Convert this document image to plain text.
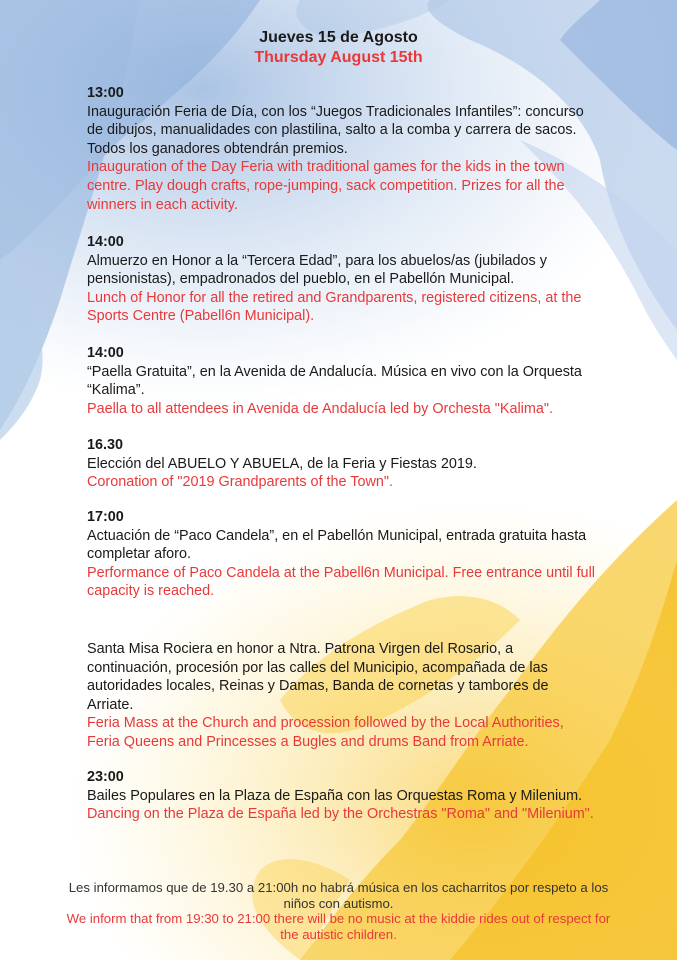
Jueves 15 de Agosto
Thursday August 15th
13:00
Inauguración Feria de Día, con los “Juegos Tradicionales Infantiles”: concurso de dibujos, manualidades con plastilina, salto a la comba y carrera de sacos. Todos los ganadores obtendrán premios.
Inauguration of the Day Feria with traditional games for the kids in the town centre. Play dough crafts, rope-jumping, sack competition. Prizes for all the winners in each activity.
14:00
Almuerzo en Honor a la “Tercera Edad”, para los abuelos/as (jubilados y pensionistas), empadronados del pueblo, en el Pabellón Municipal.
Lunch of Honor for all the retired and Grandparents, registered citizens, at the Sports Centre (Pabell6n Municipal).
14:00
“Paella Gratuita”, en la Avenida de Andalucía. Música en vivo con la Orquesta “Kalima”.
Paella to all attendees in Avenida de Andalucía led by Orchesta "Kalima".
16.30
Elección del ABUELO Y ABUELA, de la Feria y Fiestas 2019.
Coronation of "2019 Grandparents of the Town".
17:00
Actuación de “Paco Candela”, en el Pabellón Municipal, entrada gratuita hasta completar aforo.
Performance of Paco Candela at the Pabell6n Municipal. Free entrance until full capacity is reached.
Santa Misa Rociera en honor a Ntra. Patrona Virgen del Rosario, a continuación, procesión por las calles del Municipio, acompañada de las autoridades locales, Reinas y Damas, Banda de cornetas y tambores de Arriate.
Feria Mass at the Church and procession followed by the Local Authorities, Feria Queens and Princesses a Bugles and drums Band from Arriate.
23:00
Bailes Populares en la Plaza de España con las Orquestas Roma y Milenium.
Dancing on the Plaza de España led by the Orchestras "Roma" and "Milenium".
Les informamos que de 19.30 a 21:00h no habrá música en los cacharritos por respeto a los niños con autismo.
We inform that from 19:30 to 21:00 there will be no music at the kiddie rides out of respect for the autistic children.
